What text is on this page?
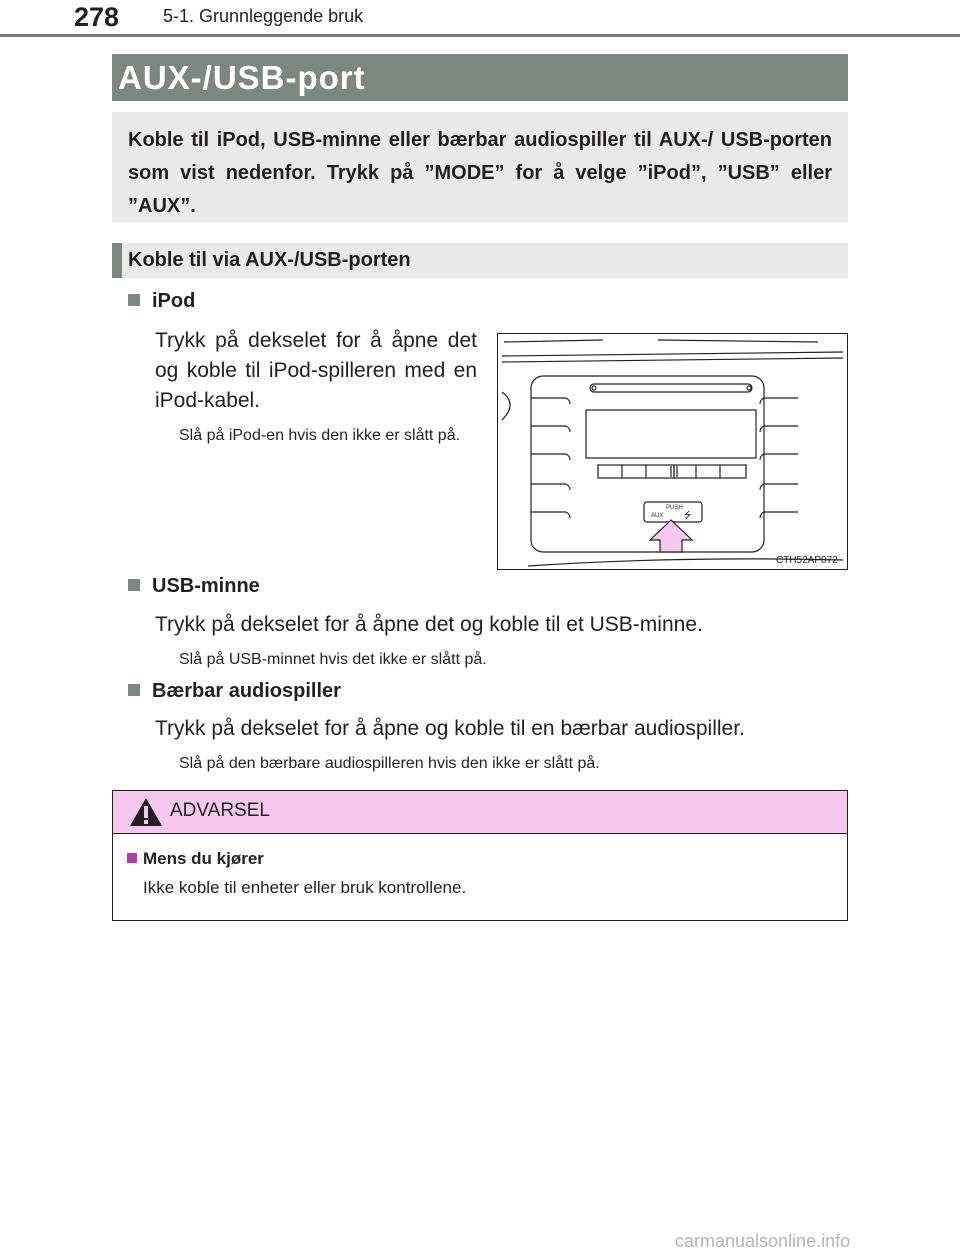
278 5-1. Grunnleggende bruk
AUX-/USB-port
Koble til iPod, USB-minne eller bærbar audiospiller til AUX-/ USB-porten som vist nedenfor. Trykk på ”MODE” for å velge ”iPod”, ”USB” eller ”AUX”.
Koble til via AUX-/USB-porten
iPod
Trykk på dekselet for å åpne det og koble til iPod-spilleren med en iPod-kabel.
Slå på iPod-en hvis den ikke er slått på.
PUSH
AUX ⭍
CTH52AP072
USB-minne
Trykk på dekselet for å åpne det og koble til et USB-minne.
Slå på USB-minnet hvis det ikke er slått på.
Bærbar audiospiller
Trykk på dekselet for å åpne og koble til en bærbar audiospiller.
Slå på den bærbare audiospilleren hvis den ikke er slått på.
ADVARSEL
Mens du kjører
Ikke koble til enheter eller bruk kontrollene.
carmanualsonline.info
